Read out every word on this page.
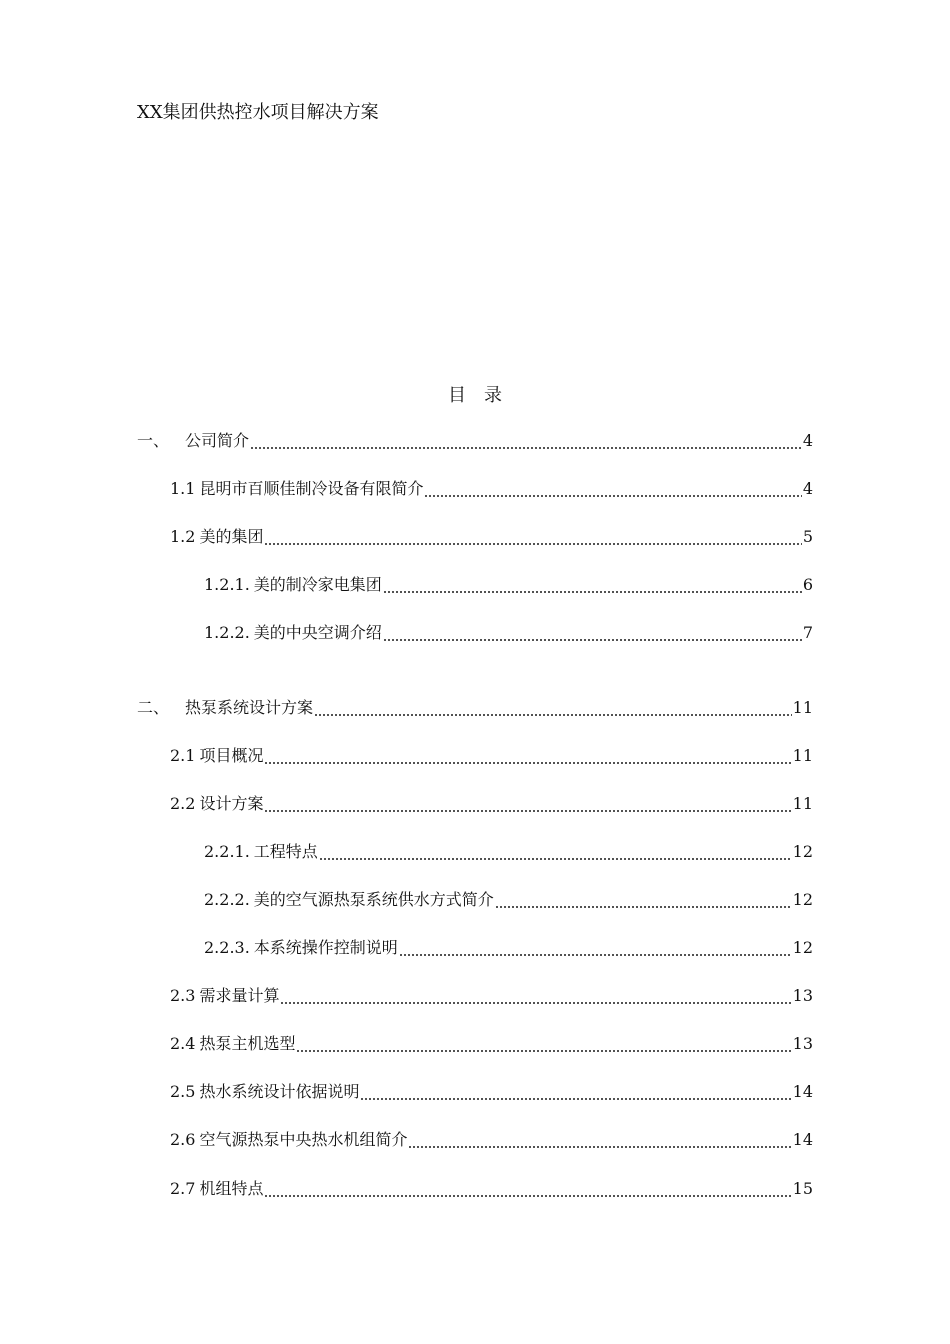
XX集团供热控水项目解决方案
目录
一、 公司简介	4
1.1 昆明市百顺佳制冷设备有限简介	4
1.2 美的集团	5
1.2.1. 美的制冷家电集团	6
1.2.2. 美的中央空调介绍	7
二、 热泵系统设计方案	11
2.1 项目概况	11
2.2 设计方案	11
2.2.1. 工程特点	12
2.2.2. 美的空气源热泵系统供水方式简介	12
2.2.3. 本系统操作控制说明	12
2.3 需求量计算	13
2.4 热泵主机选型	13
2.5 热水系统设计依据说明	14
2.6 空气源热泵中央热水机组简介	14
2.7 机组特点	15
